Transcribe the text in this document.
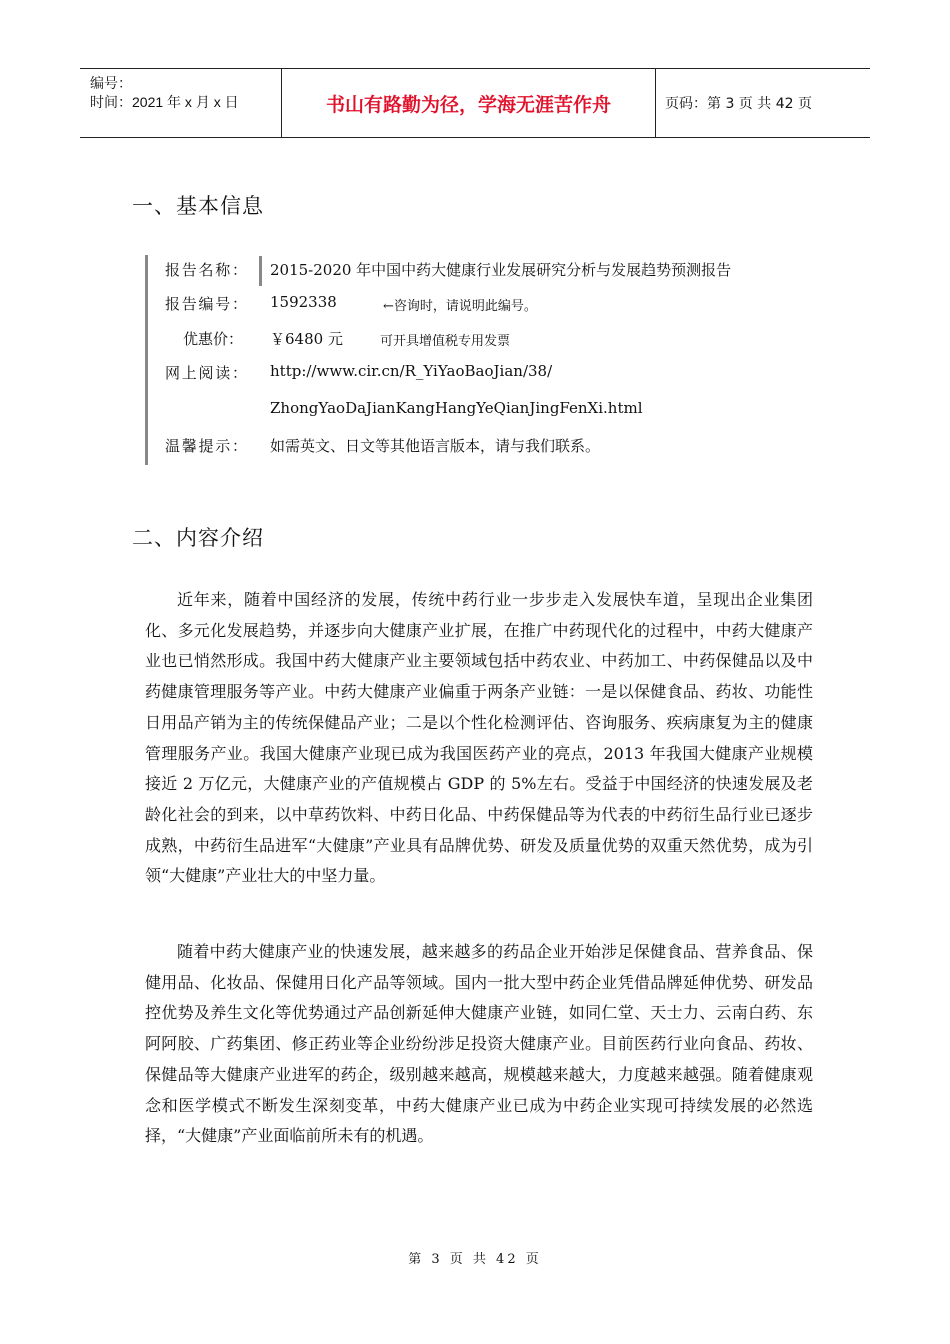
编号：
时间：2021 年 x 月 x 日	书山有路勤为径，学海无涯苦作舟	页码：第 3 页 共 42 页
一、基本信息
报告名称： 2015-2020 年中国中药大健康行业发展研究分析与发展趋势预测报告
报告编号： 1592338	←咨询时，请说明此编号。
优惠价： ￥6480 元	可开具增值税专用发票
网上阅读： http://www.cir.cn/R_YiYaoBaoJian/38/
ZhongYaoDaJianKangHangYeQianJingFenXi.html
温馨提示： 如需英文、日文等其他语言版本，请与我们联系。
二、内容介绍
近年来，随着中国经济的发展，传统中药行业一步步走入发展快车道，呈现出企业集团化、多元化发展趋势，并逐步向大健康产业扩展，在推广中药现代化的过程中，中药大健康产业也已悄然形成。我国中药大健康产业主要领域包括中药农业、中药加工、中药保健品以及中药健康管理服务等产业。中药大健康产业偏重于两条产业链：一是以保健食品、药妆、功能性日用品产销为主的传统保健品产业；二是以个性化检测评估、咨询服务、疾病康复为主的健康管理服务产业。我国大健康产业现已成为我国医药产业的亮点，2013 年我国大健康产业规模接近 2 万亿元，大健康产业的产值规模占 GDP 的 5%左右。受益于中国经济的快速发展及老龄化社会的到来，以中草药饮料、中药日化品、中药保健品等为代表的中药衍生品行业已逐步成熟，中药衍生品进军“大健康”产业具有品牌优势、研发及质量优势的双重天然优势，成为引领“大健康”产业壮大的中坚力量。
随着中药大健康产业的快速发展，越来越多的药品企业开始涉足保健食品、营养食品、保健用品、化妆品、保健用日化产品等领域。国内一批大型中药企业凭借品牌延伸优势、研发品控优势及养生文化等优势通过产品创新延伸大健康产业链，如同仁堂、天士力、云南白药、东阿阿胶、广药集团、修正药业等企业纷纷涉足投资大健康产业。目前医药行业向食品、药妆、保健品等大健康产业进军的药企，级别越来越高，规模越来越大，力度越来越强。随着健康观念和医学模式不断发生深刻变革，中药大健康产业已成为中药企业实现可持续发展的必然选择，“大健康”产业面临前所未有的机遇。
第 3 页 共 42 页
